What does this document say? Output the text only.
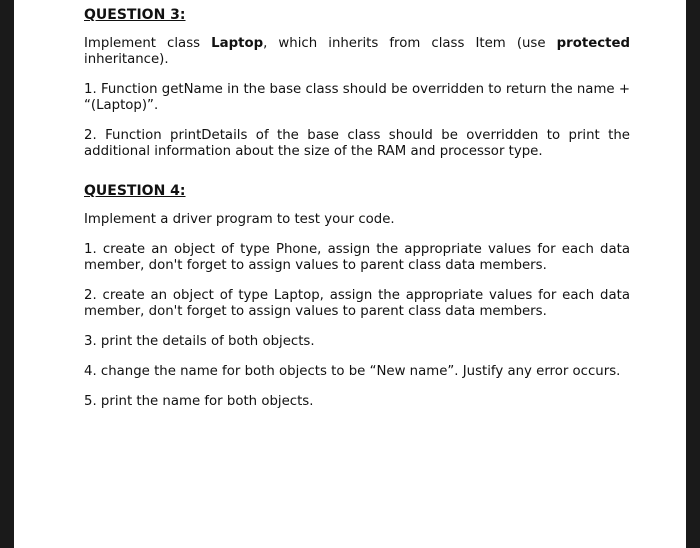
QUESTION 3:

Implement class Laptop, which inherits from class Item (use protected inheritance).

1. Function getName in the base class should be overridden to return the name + “(Laptop)”.

2. Function printDetails of the base class should be overridden to print the additional information about the size of the RAM and processor type.

QUESTION 4:

Implement a driver program to test your code.

1. create an object of type Phone, assign the appropriate values for each data member, don't forget to assign values to parent class data members.

2. create an object of type Laptop, assign the appropriate values for each data member, don't forget to assign values to parent class data members.

3. print the details of both objects.

4. change the name for both objects to be “New name”. Justify any error occurs.

5. print the name for both objects.
